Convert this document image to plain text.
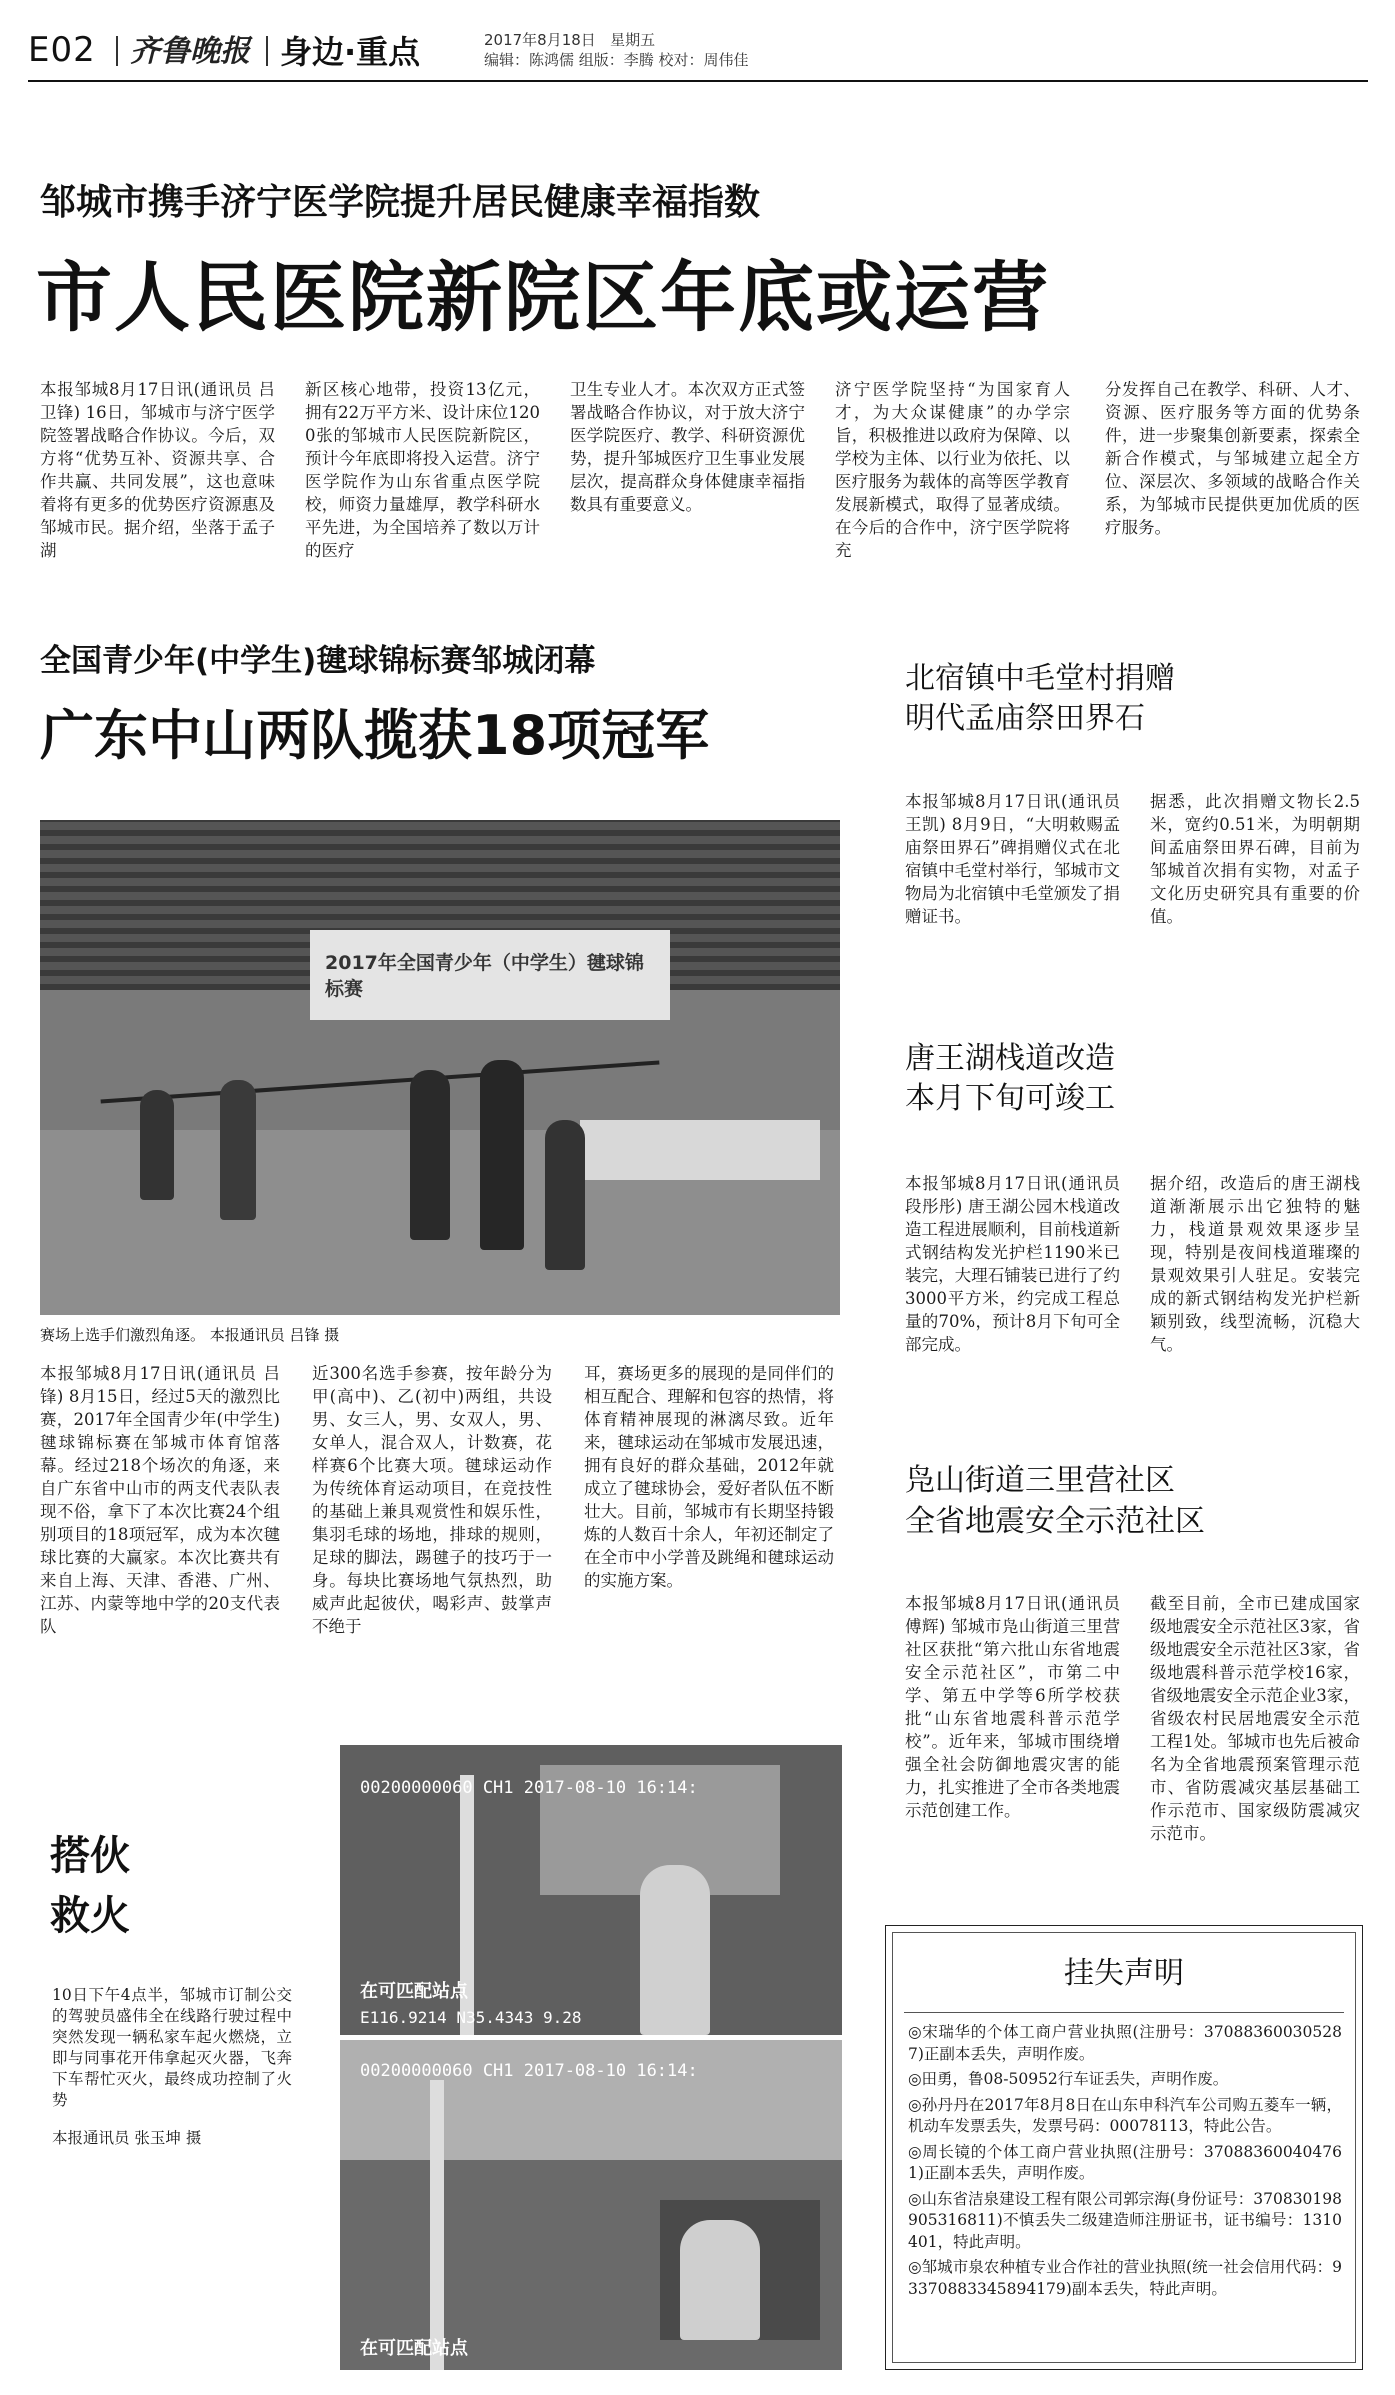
E02 齐鲁晚报 身边·重点	2017年8月18日 星期五
编辑：陈鸿儒 组版：李腾 校对：周伟佳
邹城市携手济宁医学院提升居民健康幸福指数
市人民医院新院区年底或运营
本报邹城8月17日讯(通讯员 吕卫锋) 16日，邹城市与济宁医学院签署战略合作协议。今后，双方将“优势互补、资源共享、合作共赢、共同发展”，这也意味着将有更多的优势医疗资源惠及邹城市民。据介绍，坐落于孟子湖
新区核心地带，投资13亿元，拥有22万平方米、设计床位1200张的邹城市人民医院新院区，预计今年底即将投入运营。济宁医学院作为山东省重点医学院校，师资力量雄厚，教学科研水平先进，为全国培养了数以万计的医疗
卫生专业人才。本次双方正式签署战略合作协议，对于放大济宁医学院医疗、教学、科研资源优势，提升邹城医疗卫生事业发展层次，提高群众身体健康幸福指数具有重要意义。
济宁医学院坚持“为国家育人才，为大众谋健康”的办学宗旨，积极推进以政府为保障、以学校为主体、以行业为依托、以医疗服务为载体的高等医学教育发展新模式，取得了显著成绩。在今后的合作中，济宁医学院将充
分发挥自己在教学、科研、人才、资源、医疗服务等方面的优势条件，进一步聚集创新要素，探索全新合作模式，与邹城建立起全方位、深层次、多领域的战略合作关系，为邹城市民提供更加优质的医疗服务。
全国青少年(中学生)毽球锦标赛邹城闭幕
广东中山两队揽获18项冠军
2017年全国青少年（中学生）毽球锦标赛
赛场上选手们激烈角逐。 本报通讯员 吕锋 摄
本报邹城8月17日讯(通讯员 吕锋) 8月15日，经过5天的激烈比赛，2017年全国青少年(中学生)毽球锦标赛在邹城市体育馆落幕。经过218个场次的角逐，来自广东省中山市的两支代表队表现不俗，拿下了本次比赛24个组别项目的18项冠军，成为本次毽球比赛的大赢家。本次比赛共有来自上海、天津、香港、广州、江苏、内蒙等地中学的20支代表队
近300名选手参赛，按年龄分为甲(高中)、乙(初中)两组，共设男、女三人，男、女双人，男、女单人，混合双人，计数赛，花样赛6个比赛大项。毽球运动作为传统体育运动项目，在竞技性的基础上兼具观赏性和娱乐性，集羽毛球的场地，排球的规则，足球的脚法，踢毽子的技巧于一身。每块比赛场地气氛热烈，助威声此起彼伏，喝彩声、鼓掌声不绝于
耳，赛场更多的展现的是同伴们的相互配合、理解和包容的热情，将体育精神展现的淋漓尽致。近年来，毽球运动在邹城市发展迅速，拥有良好的群众基础，2012年就成立了毽球协会，爱好者队伍不断壮大。目前，邹城市有长期坚持锻炼的人数百十余人，年初还制定了在全市中小学普及跳绳和毽球运动的实施方案。
搭伙
救火
10日下午4点半，邹城市订制公交的驾驶员盛伟全在线路行驶过程中突然发现一辆私家车起火燃烧，立即与同事花开伟拿起灭火器，飞奔下车帮忙灭火，最终成功控制了火势
本报通讯员 张玉坤 摄
00200000060 CH1 2017-08-10 16:14:
在可匹配站点
E116.9214 N35.4343 9.28
00200000060 CH1 2017-08-10 16:14:
在可匹配站点
北宿镇中毛堂村捐赠
明代孟庙祭田界石
本报邹城8月17日讯(通讯员 王凯) 8月9日，“大明敕赐孟庙祭田界石”碑捐赠仪式在北宿镇中毛堂村举行，邹城市文物局为北宿镇中毛堂颁发了捐赠证书。
据悉，此次捐赠文物长2.5米，宽约0.51米，为明朝期间孟庙祭田界石碑，目前为邹城首次捐有实物，对孟子文化历史研究具有重要的价值。
唐王湖栈道改造
本月下旬可竣工
本报邹城8月17日讯(通讯员 段彤彤) 唐王湖公园木栈道改造工程进展顺利，目前栈道新式钢结构发光护栏1190米已装完，大理石铺装已进行了约3000平方米，约完成工程总量的70%，预计8月下旬可全部完成。
据介绍，改造后的唐王湖栈道渐渐展示出它独特的魅力，栈道景观效果逐步呈现，特别是夜间栈道璀璨的景观效果引人驻足。安装完成的新式钢结构发光护栏新颖别致，线型流畅，沉稳大气。
凫山街道三里营社区
全省地震安全示范社区
本报邹城8月17日讯(通讯员 傅辉) 邹城市凫山街道三里营社区获批“第六批山东省地震安全示范社区”，市第二中学、第五中学等6所学校获批“山东省地震科普示范学校”。近年来，邹城市围绕增强全社会防御地震灾害的能力，扎实推进了全市各类地震示范创建工作。
截至目前，全市已建成国家级地震安全示范社区3家，省级地震安全示范社区3家，省级地震科普示范学校16家，省级地震安全示范企业3家，省级农村民居地震安全示范工程1处。邹城市也先后被命名为全省地震预案管理示范市、省防震减灾基层基础工作示范市、国家级防震减灾示范市。
挂失声明
◎宋瑞华的个体工商户营业执照(注册号：370883600305287)正副本丢失，声明作废。
◎田勇，鲁08-50952行车证丢失，声明作废。
◎孙丹丹在2017年8月8日在山东申科汽车公司购五菱车一辆，机动车发票丢失，发票号码：00078113，特此公告。
◎周长镜的个体工商户营业执照(注册号：370883600404761)正副本丢失，声明作废。
◎山东省洁泉建设工程有限公司郭宗海(身份证号：370830198905316811)不慎丢失二级建造师注册证书，证书编号：1310401，特此声明。
◎邹城市泉农种植专业合作社的营业执照(统一社会信用代码：93370883345894179)副本丢失，特此声明。
